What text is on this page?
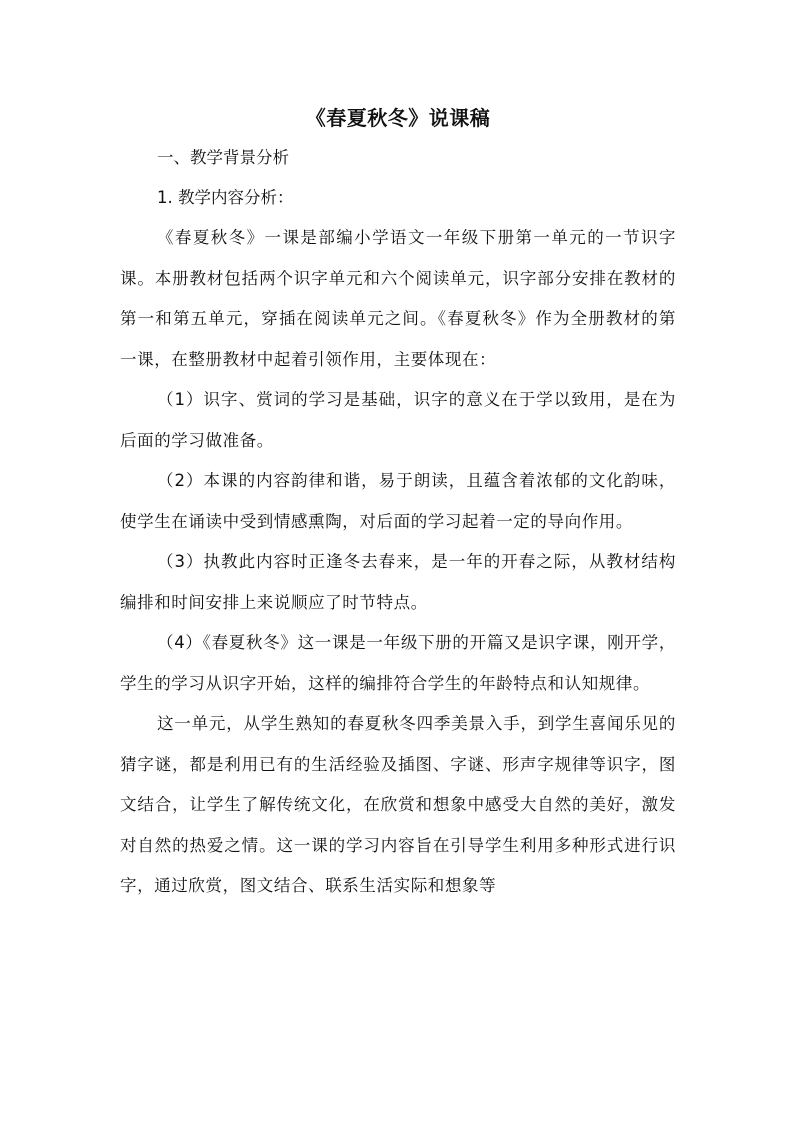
《春夏秋冬》说课稿

一、教学背景分析

1. 教学内容分析：

《春夏秋冬》一课是部编小学语文一年级下册第一单元的一节识字课。本册教材包括两个识字单元和六个阅读单元，识字部分安排在教材的第一和第五单元，穿插在阅读单元之间。《春夏秋冬》作为全册教材的第一课，在整册教材中起着引领作用，主要体现在：

（1）识字、赏词的学习是基础，识字的意义在于学以致用，是在为后面的学习做准备。

（2）本课的内容韵律和谐，易于朗读，且蕴含着浓郁的文化韵味，使学生在诵读中受到情感熏陶，对后面的学习起着一定的导向作用。

（3）执教此内容时正逢冬去春来，是一年的开春之际，从教材结构编排和时间安排上来说顺应了时节特点。

（4）《春夏秋冬》这一课是一年级下册的开篇又是识字课，刚开学，学生的学习从识字开始，这样的编排符合学生的年龄特点和认知规律。

这一单元，从学生熟知的春夏秋冬四季美景入手，到学生喜闻乐见的猜字谜，都是利用已有的生活经验及插图、字谜、形声字规律等识字，图文结合，让学生了解传统文化，在欣赏和想象中感受大自然的美好，激发对自然的热爱之情。这一课的学习内容旨在引导学生利用多种形式进行识字，通过欣赏，图文结合、联系生活实际和想象等
